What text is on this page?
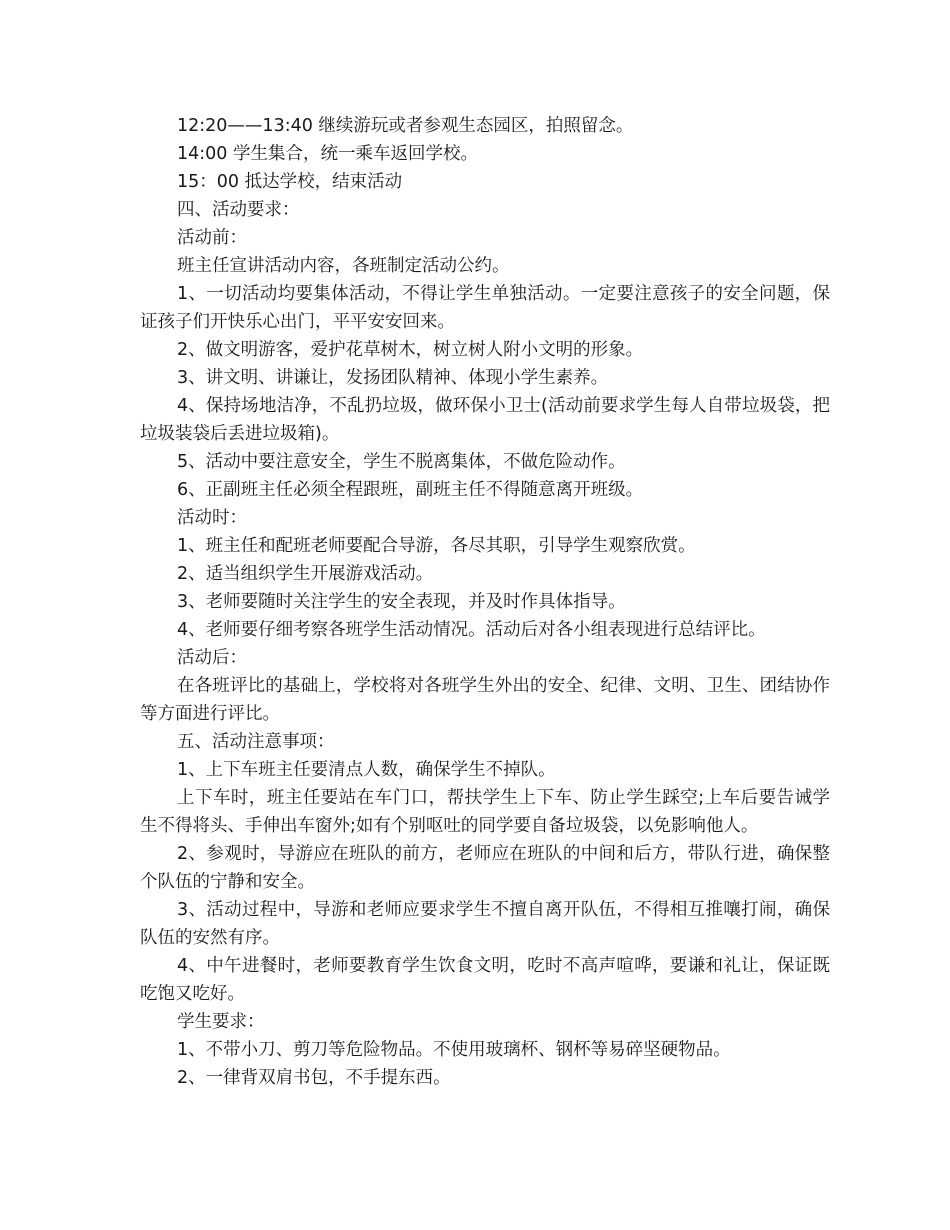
12:20——13:40 继续游玩或者参观生态园区，拍照留念。

14:00 学生集合，统一乘车返回学校。

15：00 抵达学校，结束活动

四、活动要求：

活动前：

班主任宣讲活动内容，各班制定活动公约。

1、一切活动均要集体活动，不得让学生单独活动。一定要注意孩子的安全问题，保证孩子们开快乐心出门，平平安安回来。

2、做文明游客，爱护花草树木，树立树人附小文明的形象。

3、讲文明、讲谦让，发扬团队精神、体现小学生素养。

4、保持场地洁净，不乱扔垃圾，做环保小卫士(活动前要求学生每人自带垃圾袋，把垃圾装袋后丢进垃圾箱)。

5、活动中要注意安全，学生不脱离集体，不做危险动作。

6、正副班主任必须全程跟班，副班主任不得随意离开班级。

活动时：

1、班主任和配班老师要配合导游，各尽其职，引导学生观察欣赏。

2、适当组织学生开展游戏活动。

3、老师要随时关注学生的安全表现，并及时作具体指导。

4、老师要仔细考察各班学生活动情况。活动后对各小组表现进行总结评比。

活动后：

在各班评比的基础上，学校将对各班学生外出的安全、纪律、文明、卫生、团结协作等方面进行评比。

五、活动注意事项：

1、上下车班主任要清点人数，确保学生不掉队。

上下车时，班主任要站在车门口，帮扶学生上下车、防止学生踩空;上车后要告诫学生不得将头、手伸出车窗外;如有个别呕吐的同学要自备垃圾袋，以免影响他人。

2、参观时，导游应在班队的前方，老师应在班队的中间和后方，带队行进，确保整个队伍的宁静和安全。

3、活动过程中，导游和老师应要求学生不擅自离开队伍，不得相互推嚷打闹，确保队伍的安然有序。

4、中午进餐时，老师要教育学生饮食文明，吃时不高声喧哗，要谦和礼让，保证既吃饱又吃好。

学生要求：

1、不带小刀、剪刀等危险物品。不使用玻璃杯、钢杯等易碎坚硬物品。

2、一律背双肩书包，不手提东西。
